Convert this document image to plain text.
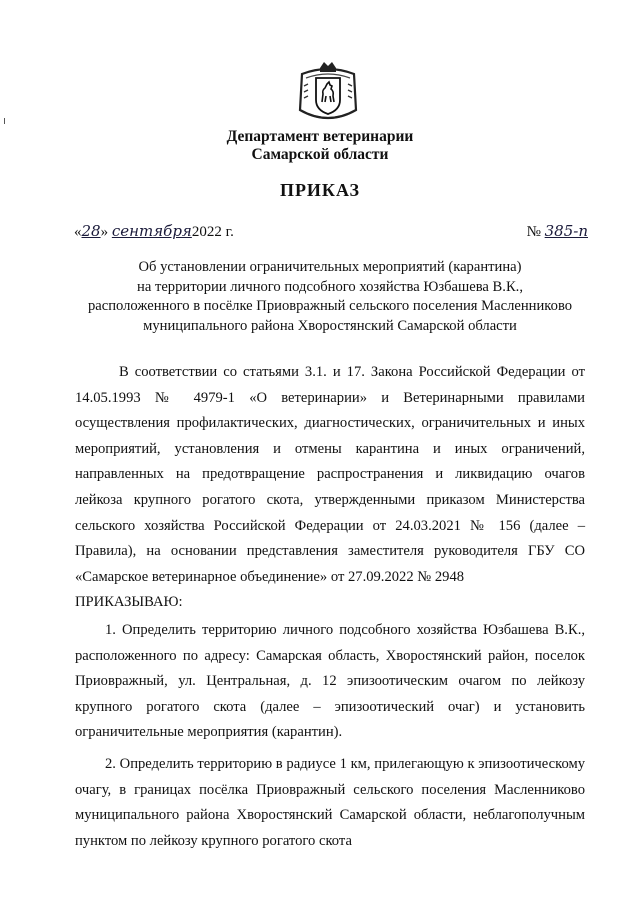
Департамент ветеринарии
Самарской области
ПРИКАЗ
«28» сентября2022 г.	№ 385-п
Об установлении ограничительных мероприятий (карантина)
на территории личного подсобного хозяйства Юзбашева В.К.,
расположенного в посёлке Приовражный сельского поселения Масленниково
муниципального района Хворостянский Самарской области

В соответствии со статьями 3.1. и 17. Закона Российской Федерации от 14.05.1993 № 4979-1 «О ветеринарии» и Ветеринарными правилами осуществления профилактических, диагностических, ограничительных и иных мероприятий, установления и отмены карантина и иных ограничений, направленных на предотвращение распространения и ликвидацию очагов лейкоза крупного рогатого скота, утвержденными приказом Министерства сельского хозяйства Российской Федерации от 24.03.2021 № 156 (далее – Правила), на основании представления заместителя руководителя ГБУ СО «Самарское ветеринарное объединение» от 27.09.2022 № 2948

ПРИКАЗЫВАЮ:

1. Определить территорию личного подсобного хозяйства Юзбашева В.К., расположенного по адресу: Самарская область, Хворостянский район, поселок Приовражный, ул. Центральная, д. 12 эпизоотическим очагом по лейкозу крупного рогатого скота (далее – эпизоотический очаг) и установить ограничительные мероприятия (карантин).

2. Определить территорию в радиусе 1 км, прилегающую к эпизоотическому очагу, в границах посёлка Приовражный сельского поселения Масленниково муниципального района Хворостянский Самарской области, неблагополучным пунктом по лейкозу крупного рогатого скота
